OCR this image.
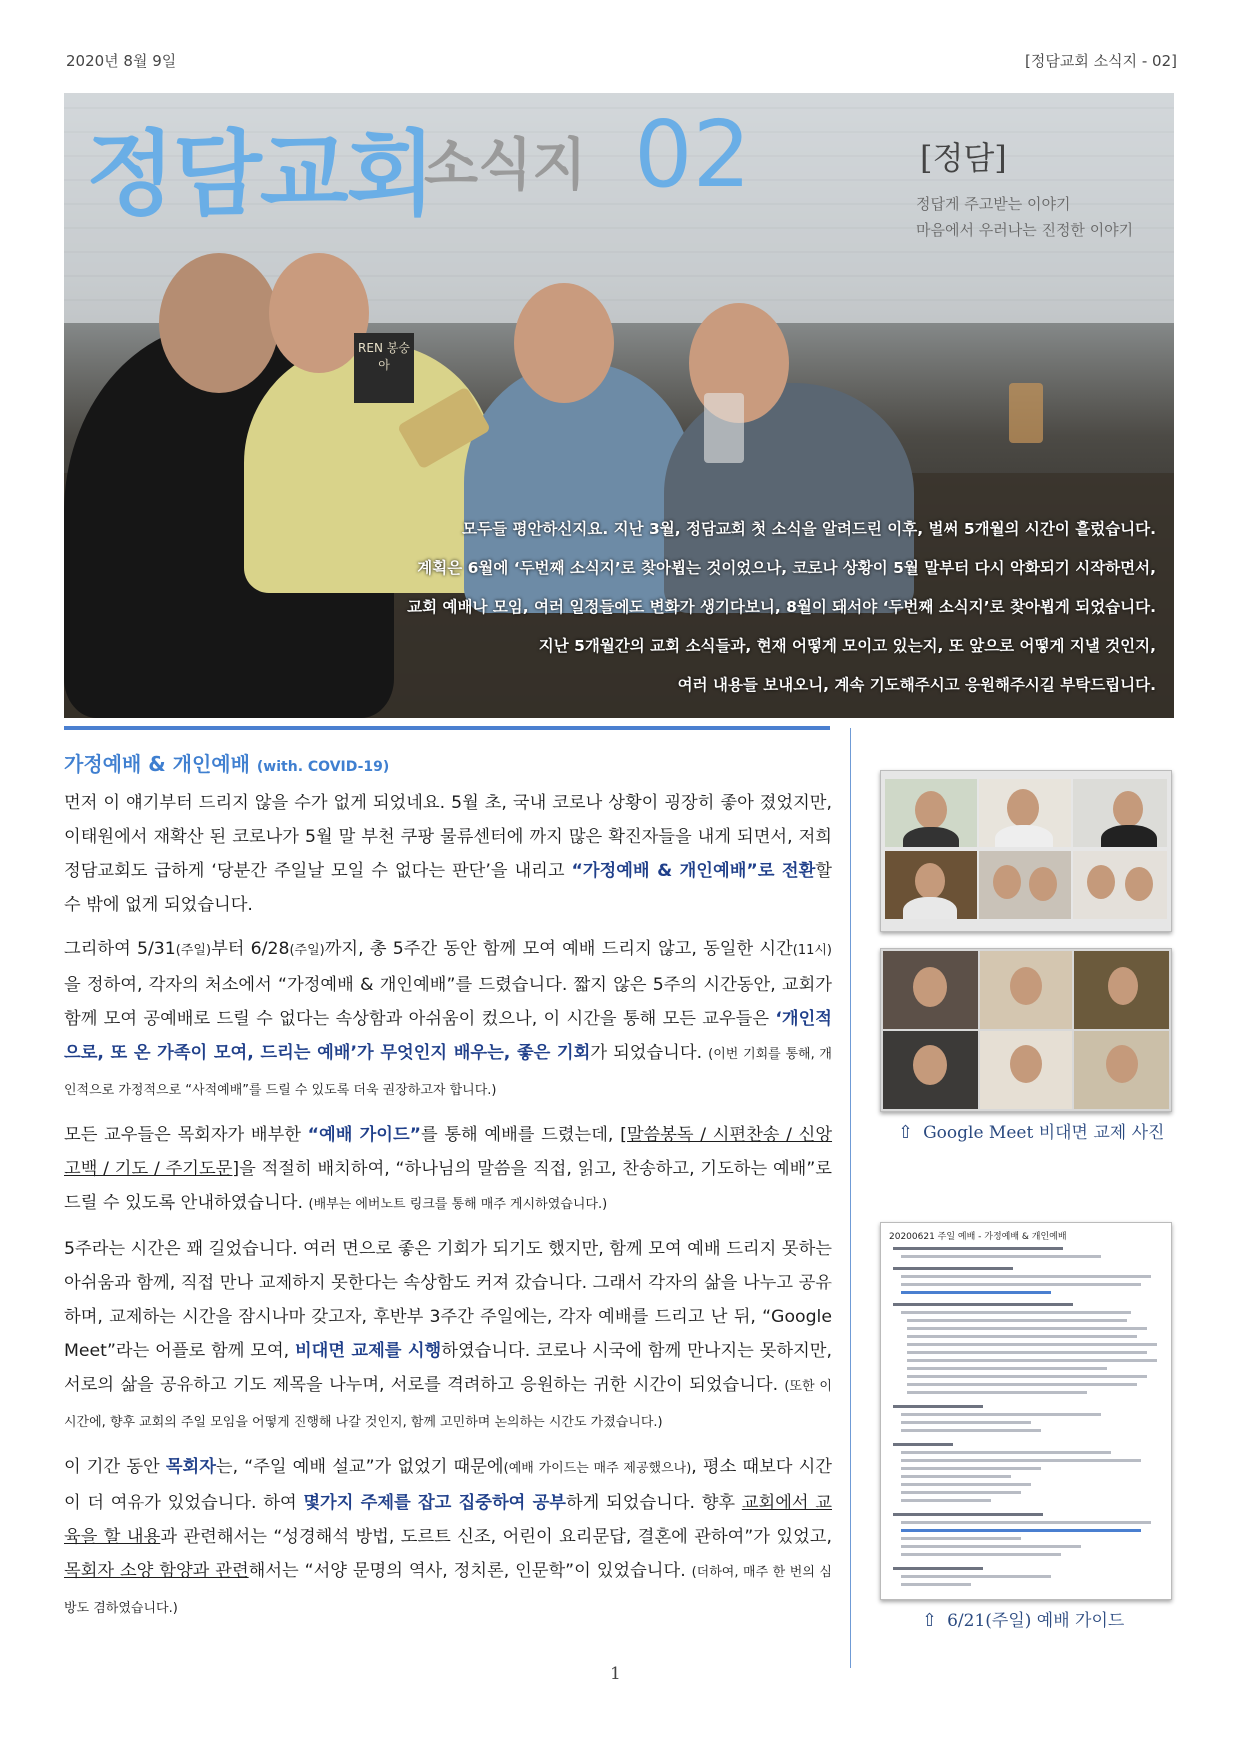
2020년 8월 9일	[정담교회 소식지 - 02]
REN 봉숭아
정담교회
소식지 02	[정담]
정답게 주고받는 이야기
마음에서 우러나는 진정한 이야기
모두들 평안하신지요. 지난 3월, 정담교회 첫 소식을 알려드린 이후, 벌써 5개월의 시간이 흘렀습니다.
계획은 6월에 ‘두번째 소식지’로 찾아뵙는 것이었으나, 코로나 상황이 5월 말부터 다시 악화되기 시작하면서,
교회 예배나 모임, 여러 일정들에도 변화가 생기다보니, 8월이 돼서야 ‘두번째 소식지’로 찾아뵙게 되었습니다.
지난 5개월간의 교회 소식들과, 현재 어떻게 모이고 있는지, 또 앞으로 어떻게 지낼 것인지,
여러 내용들 보내오니, 계속 기도해주시고 응원해주시길 부탁드립니다.
가정예배 & 개인예배 (with. COVID-19)

먼저 이 얘기부터 드리지 않을 수가 없게 되었네요. 5월 초, 국내 코로나 상황이 굉장히 좋아 졌었지만, 이태원에서 재확산 된 코로나가 5월 말 부천 쿠팡 물류센터에 까지 많은 확진자들을 내게 되면서, 저희 정담교회도 급하게 ‘당분간 주일날 모일 수 없다는 판단’을 내리고 “가정예배 & 개인예배”로 전환할 수 밖에 없게 되었습니다.

그리하여 5/31(주일)부터 6/28(주일)까지, 총 5주간 동안 함께 모여 예배 드리지 않고, 동일한 시간(11시)을 정하여, 각자의 처소에서 “가정예배 & 개인예배”를 드렸습니다. 짧지 않은 5주의 시간동안, 교회가 함께 모여 공예배로 드릴 수 없다는 속상함과 아쉬움이 컸으나, 이 시간을 통해 모든 교우들은 ‘개인적으로, 또 온 가족이 모여, 드리는 예배’가 무엇인지 배우는, 좋은 기회가 되었습니다. (이번 기회를 통해, 개인적으로 가정적으로 “사적예배”를 드릴 수 있도록 더욱 권장하고자 합니다.)

모든 교우들은 목회자가 배부한 “예배 가이드”를 통해 예배를 드렸는데, [말씀봉독 / 시편찬송 / 신앙고백 / 기도 / 주기도문]을 적절히 배치하여, “하나님의 말씀을 직접, 읽고, 찬송하고, 기도하는 예배”로 드릴 수 있도록 안내하였습니다. (배부는 에버노트 링크를 통해 매주 게시하였습니다.)

5주라는 시간은 꽤 길었습니다. 여러 면으로 좋은 기회가 되기도 했지만, 함께 모여 예배 드리지 못하는 아쉬움과 함께, 직접 만나 교제하지 못한다는 속상함도 커져 갔습니다. 그래서 각자의 삶을 나누고 공유하며, 교제하는 시간을 잠시나마 갖고자, 후반부 3주간 주일에는, 각자 예배를 드리고 난 뒤, “Google Meet”라는 어플로 함께 모여, 비대면 교제를 시행하였습니다. 코로나 시국에 함께 만나지는 못하지만, 서로의 삶을 공유하고 기도 제목을 나누며, 서로를 격려하고 응원하는 귀한 시간이 되었습니다. (또한 이 시간에, 향후 교회의 주일 모임을 어떻게 진행해 나갈 것인지, 함께 고민하며 논의하는 시간도 가졌습니다.)

이 기간 동안 목회자는, “주일 예배 설교”가 없었기 때문에(예배 가이드는 매주 제공했으나), 평소 때보다 시간이 더 여유가 있었습니다. 하여 몇가지 주제를 잡고 집중하여 공부하게 되었습니다. 향후 교회에서 교육을 할 내용과 관련해서는 “성경해석 방법, 도르트 신조, 어린이 요리문답, 결혼에 관하여”가 있었고, 목회자 소양 함양과 관련해서는 “서양 문명의 역사, 정치론, 인문학”이 있었습니다. (더하여, 매주 한 번의 심방도 겸하였습니다.)

⇧ Google Meet 비대면 교제 사진
20200621 주일 예배 - 가정예배 & 개인예배
⇧ 6/21(주일) 예배 가이드
1
